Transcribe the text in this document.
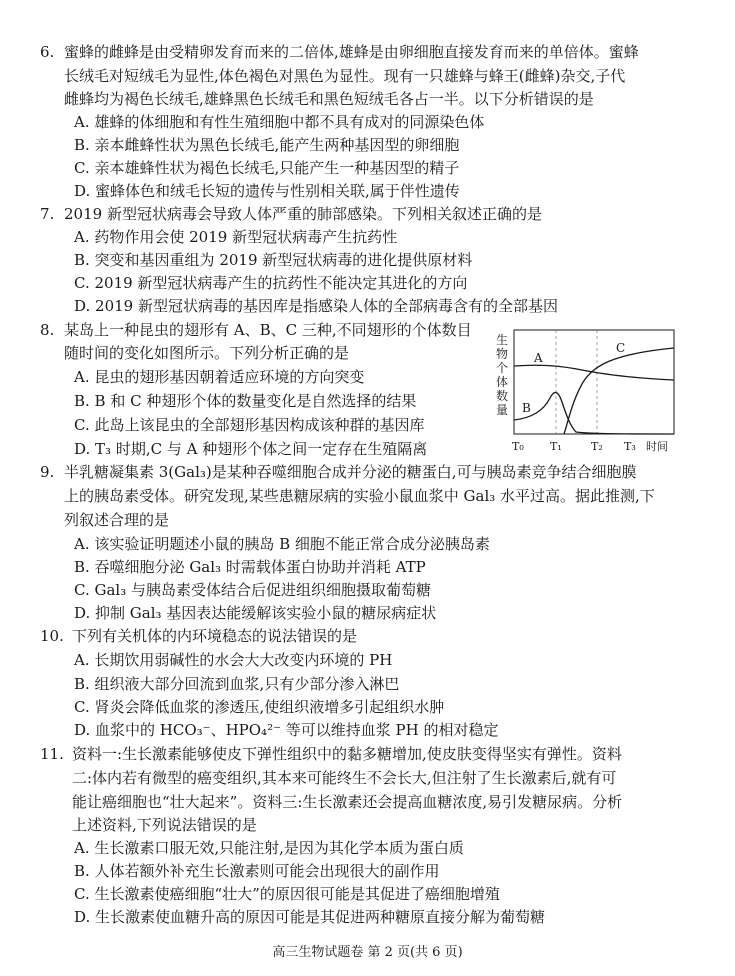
6. 蜜蜂的雌蜂是由受精卵发育而来的二倍体,雄蜂是由卵细胞直接发育而来的单倍体。蜜蜂
长绒毛对短绒毛为显性,体色褐色对黑色为显性。现有一只雄蜂与蜂王(雌蜂)杂交,子代
雌蜂均为褐色长绒毛,雄蜂黑色长绒毛和黑色短绒毛各占一半。以下分析错误的是
A. 雄蜂的体细胞和有性生殖细胞中都不具有成对的同源染色体
B. 亲本雌蜂性状为黑色长绒毛,能产生两种基因型的卵细胞
C. 亲本雄蜂性状为褐色长绒毛,只能产生一种基因型的精子
D. 蜜蜂体色和绒毛长短的遗传与性别相关联,属于伴性遗传
7. 2019 新型冠状病毒会导致人体严重的肺部感染。下列相关叙述正确的是
A. 药物作用会使 2019 新型冠状病毒产生抗药性
B. 突变和基因重组为 2019 新型冠状病毒的进化提供原材料
C. 2019 新型冠状病毒产生的抗药性不能决定其进化的方向
D. 2019 新型冠状病毒的基因库是指感染人体的全部病毒含有的全部基因
8. 某岛上一种昆虫的翅形有 A、B、C 三种,不同翅形的个体数目
随时间的变化如图所示。下列分析正确的是
A. 昆虫的翅形基因朝着适应环境的方向突变
B. B 和 C 种翅形个体的数量变化是自然选择的结果
C. 此岛上该昆虫的全部翅形基因构成该种群的基因库
D. T₃ 时期,C 与 A 种翅形个体之间一定存在生殖隔离
生
物
个
体
数
量
A
B
C
T₀ T₁	T₂ T₃ 时间
9. 半乳糖凝集素 3(Gal₃)是某种吞噬细胞合成并分泌的糖蛋白,可与胰岛素竞争结合细胞膜
上的胰岛素受体。研究发现,某些患糖尿病的实验小鼠血浆中 Gal₃ 水平过高。据此推测,下
列叙述合理的是
A. 该实验证明题述小鼠的胰岛 B 细胞不能正常合成分泌胰岛素
B. 吞噬细胞分泌 Gal₃ 时需载体蛋白协助并消耗 ATP
C. Gal₃ 与胰岛素受体结合后促进组织细胞摄取葡萄糖
D. 抑制 Gal₃ 基因表达能缓解该实验小鼠的糖尿病症状
10. 下列有关机体的内环境稳态的说法错误的是
A. 长期饮用弱碱性的水会大大改变内环境的 PH
B. 组织液大部分回流到血浆,只有少部分渗入淋巴
C. 肾炎会降低血浆的渗透压,使组织液增多引起组织水肿
D. 血浆中的 HCO₃⁻、HPO₄²⁻ 等可以维持血浆 PH 的相对稳定
11. 资料一:生长激素能够使皮下弹性组织中的黏多糖增加,使皮肤变得坚实有弹性。资料
二:体内若有微型的癌变组织,其本来可能终生不会长大,但注射了生长激素后,就有可
能让癌细胞也“壮大起来”。资料三:生长激素还会提高血糖浓度,易引发糖尿病。分析
上述资料,下列说法错误的是
A. 生长激素口服无效,只能注射,是因为其化学本质为蛋白质
B. 人体若额外补充生长激素则可能会出现很大的副作用
C. 生长激素使癌细胞“壮大”的原因很可能是其促进了癌细胞增殖
D. 生长激素使血糖升高的原因可能是其促进两种糖原直接分解为葡萄糖
高三生物试题卷 第 2 页(共 6 页)
